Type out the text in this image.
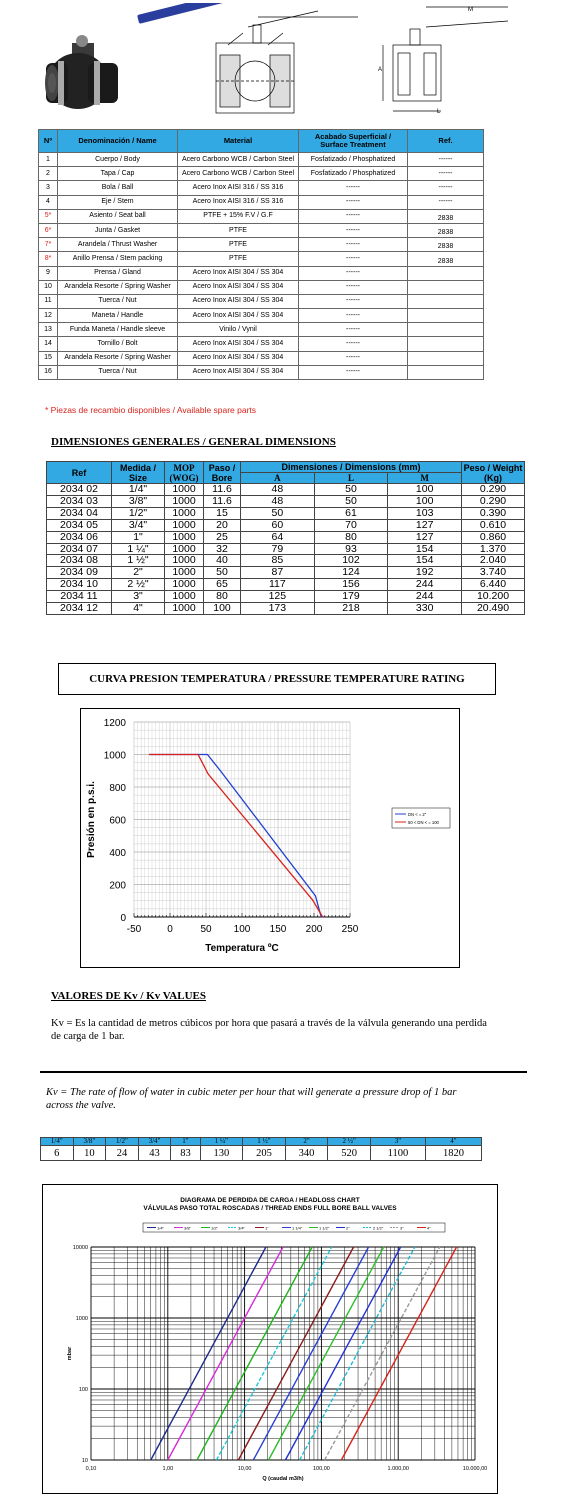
L
A
M
Nº	Denominación / Name	Material	Acabado Superficial / Surface Treatment	Ref.
1	Cuerpo / Body	Acero Carbono WCB / Carbon Steel	Fosfatizado / Phosphatized	------
2	Tapa / Cap	Acero Carbono WCB / Carbon Steel	Fosfatizado / Phosphatized	------
3	Bola / Ball	Acero Inox AISI 316 / SS 316	------	------
4	Eje / Stem	Acero Inox AISI 316 / SS 316	------	------
5*	Asiento / Seat ball	PTFE + 15% F.V / G.F	------	2838
6*	Junta / Gasket	PTFE	------	2838
7*	Arandela / Thrust Washer	PTFE	------	2838
8*	Anillo Prensa / Stem packing	PTFE	------	2838
9	Prensa / Gland	Acero Inox AISI 304 / SS 304	------	
10	Arandela Resorte / Spring Washer	Acero Inox AISI 304 / SS 304	------	
11	Tuerca / Nut	Acero Inox AISI 304 / SS 304	------	
12	Maneta / Handle	Acero Inox AISI 304 / SS 304	------	
13	Funda Maneta / Handle sleeve	Vinilo / Vynil	------	
14	Tornillo / Bolt	Acero Inox AISI 304 / SS 304	------	
15	Arandela Resorte / Spring Washer	Acero Inox AISI 304 / SS 304	------	
16	Tuerca / Nut	Acero Inox AISI 304 / SS 304	------	
* Piezas de recambio disponibles / Available spare parts
DIMENSIONES GENERALES / GENERAL DIMENSIONS
Ref	Medida / Size	MOP (WOG)	Paso / Bore	Dimensiones / Dimensions (mm)			Peso / Weight (Kg)
				A	L	M	
2034 02	1/4"	1000	11.6	48	50	100	0.290
2034 03	3/8"	1000	11.6	48	50	100	0.290
2034 04	1/2"	1000	15	50	61	103	0.390
2034 05	3/4"	1000	20	60	70	127	0.610
2034 06	1"	1000	25	64	80	127	0.860
2034 07	1 ¼"	1000	32	79	93	154	1.370
2034 08	1 ½"	1000	40	85	102	154	2.040
2034 09	2"	1000	50	87	124	192	3.740
2034 10	2 ½"	1000	65	117	156	244	6.440
2034 11	3"	1000	80	125	179	244	10.200
2034 12	4"	1000	100	173	218	330	20.490
CURVA PRESION TEMPERATURA / PRESSURE TEMPERATURE RATING
0
200
400
600
800
1000
1200
-50	0	50 100 150 200 250
Temperatura ºC
Presión en p.s.i.	DN < = 2"
50 < DN < = 100
VALORES DE Kv / Kv VALUES
Kv = Es la cantidad de metros cúbicos por hora que pasará a través de la válvula generando una perdida de carga de 1 bar.
Kv = The rate of flow of water in cubic meter per hour that will generate a pressure drop of 1 bar across the valve.
1/4"	3/8"	1/2"	3/4"	1"	1 ¼"	1 ½"	2"	2 ½"	3"	4"
6	10	24	43	83	130	205	340	520	1100	1820
DIAGRAMA DE PERDIDA DE CARGA / HEADLOSS CHART
VÁLVULAS PASO TOTAL ROSCADAS / THREAD ENDS FULL BORE BALL VALVES
1/4"	3/8"	1/2"	3/4"	1"	1 1/4"	1 1/2"	2"	2 1/2"	3"	4"
0,10	1,00	10,00	100,00	1.000,00	10.000,00
10
100
1000
10000
Q (caudal m3/h)
mbar
